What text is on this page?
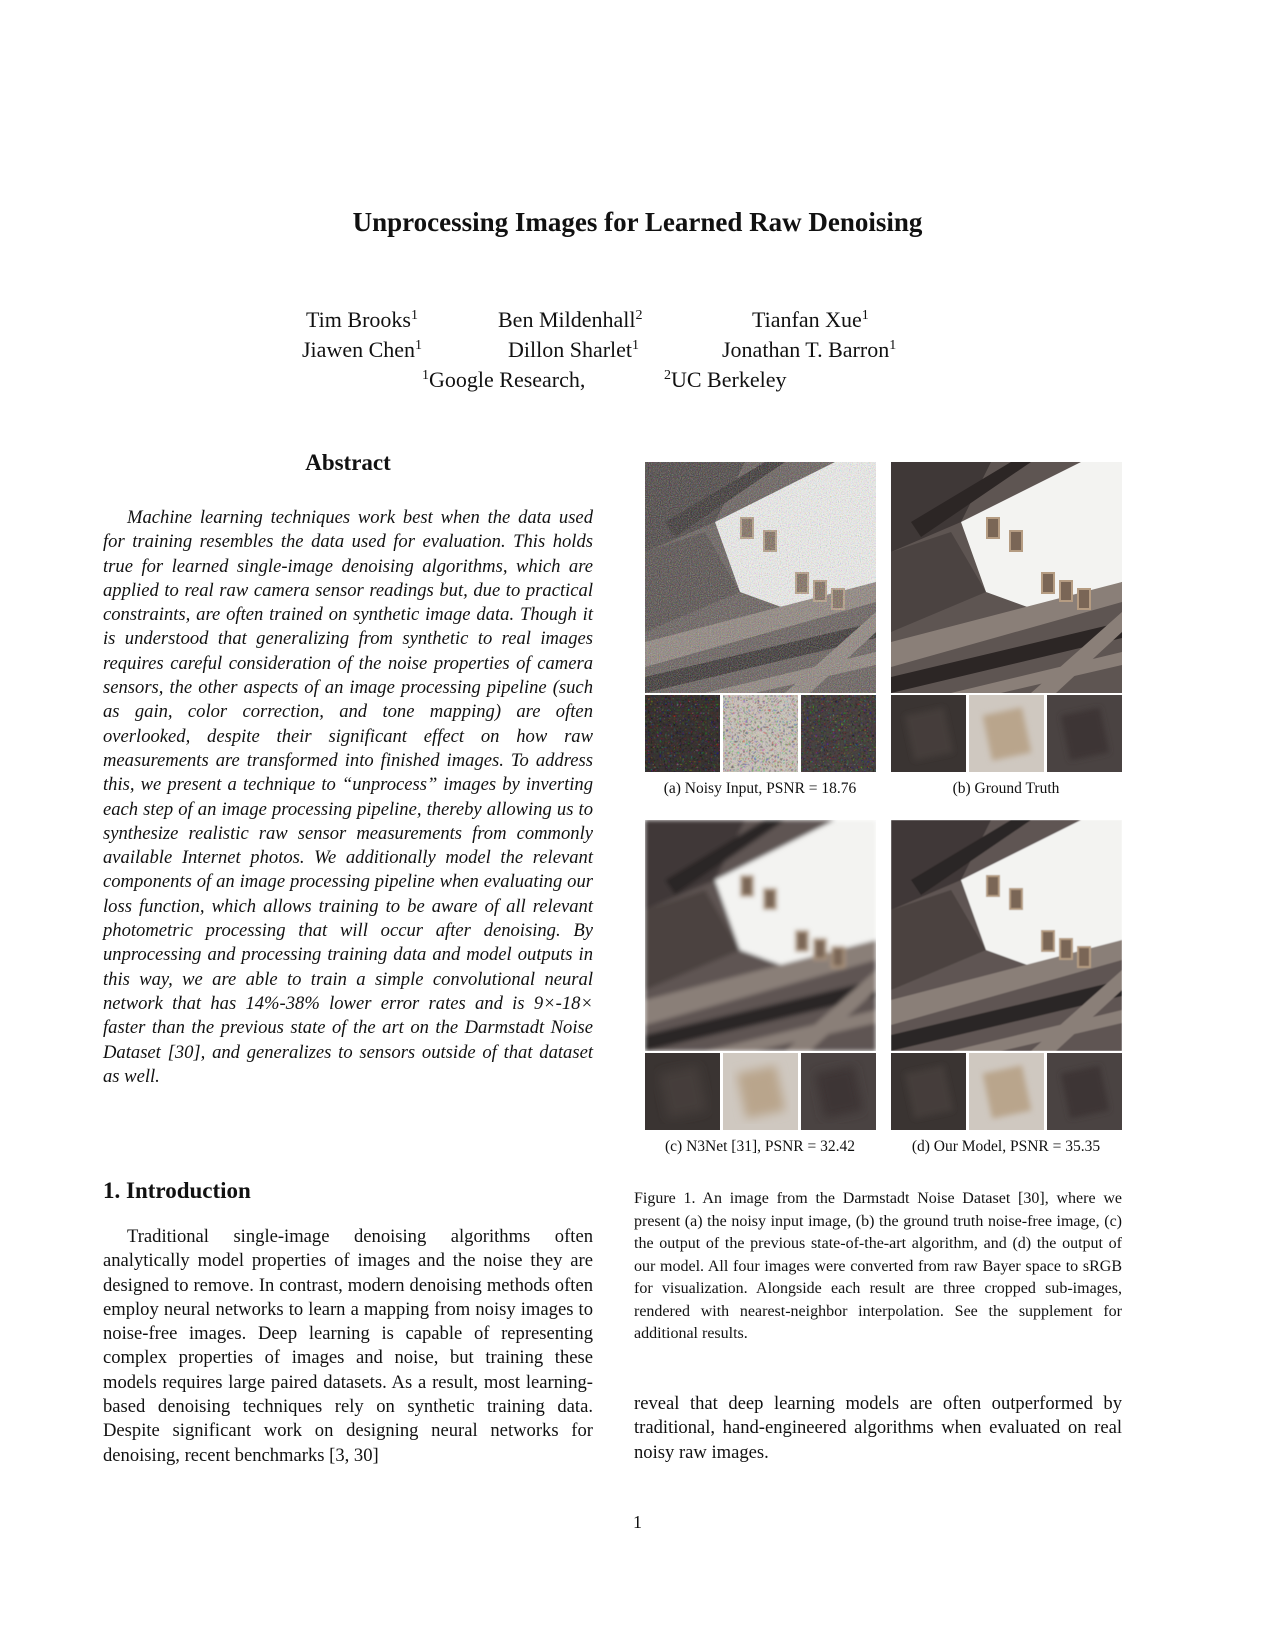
Unprocessing Images for Learned Raw Denoising
Tim Brooks$^1$	Ben Mildenhall$^2$	Tianfan Xue$^1$
Jiawen Chen$^1$	Dillon Sharlet$^1$	Jonathan T. Barron$^1$
$^1$Google Research,	$^2$UC Berkeley
Abstract

Machine learning techniques work best when the data used for training resembles the data used for evaluation. This holds true for learned single-image denoising algorithms, which are applied to real raw camera sensor readings but, due to practical constraints, are often trained on synthetic image data. Though it is understood that generalizing from synthetic to real images requires careful consideration of the noise properties of camera sensors, the other aspects of an image processing pipeline (such as gain, color correction, and tone mapping) are often overlooked, despite their significant effect on how raw measurements are transformed into finished images. To address this, we present a technique to “unprocess” images by inverting each step of an image processing pipeline, thereby allowing us to synthesize realistic raw sensor measurements from commonly available Internet photos. We additionally model the relevant components of an image processing pipeline when evaluating our loss function, which allows training to be aware of all relevant photometric processing that will occur after denoising. By unprocessing and processing training data and model outputs in this way, we are able to train a simple convolutional neural network that has 14%-38% lower error rates and is 9×-18× faster than the previous state of the art on the Darmstadt Noise Dataset [30], and generalizes to sensors outside of that dataset as well.

1. Introduction

Traditional single-image denoising algorithms often analytically model properties of images and the noise they are designed to remove. In contrast, modern denoising methods often employ neural networks to learn a mapping from noisy images to noise-free images. Deep learning is capable of representing complex properties of images and noise, but training these models requires large paired datasets. As a result, most learning-based denoising techniques rely on synthetic training data. Despite significant work on designing neural networks for denoising, recent benchmarks [3, 30]

(a) Noisy Input, PSNR = 18.76	(b) Ground Truth
(c) N3Net [31], PSNR = 32.42	(d) Our Model, PSNR = 35.35

Figure 1. An image from the Darmstadt Noise Dataset [30], where we present (a) the noisy input image, (b) the ground truth noise-free image, (c) the output of the previous state-of-the-art algorithm, and (d) the output of our model. All four images were converted from raw Bayer space to sRGB for visualization. Alongside each result are three cropped sub-images, rendered with nearest-neighbor interpolation. See the supplement for additional results.

reveal that deep learning models are often outperformed by traditional, hand-engineered algorithms when evaluated on real noisy raw images.

1
